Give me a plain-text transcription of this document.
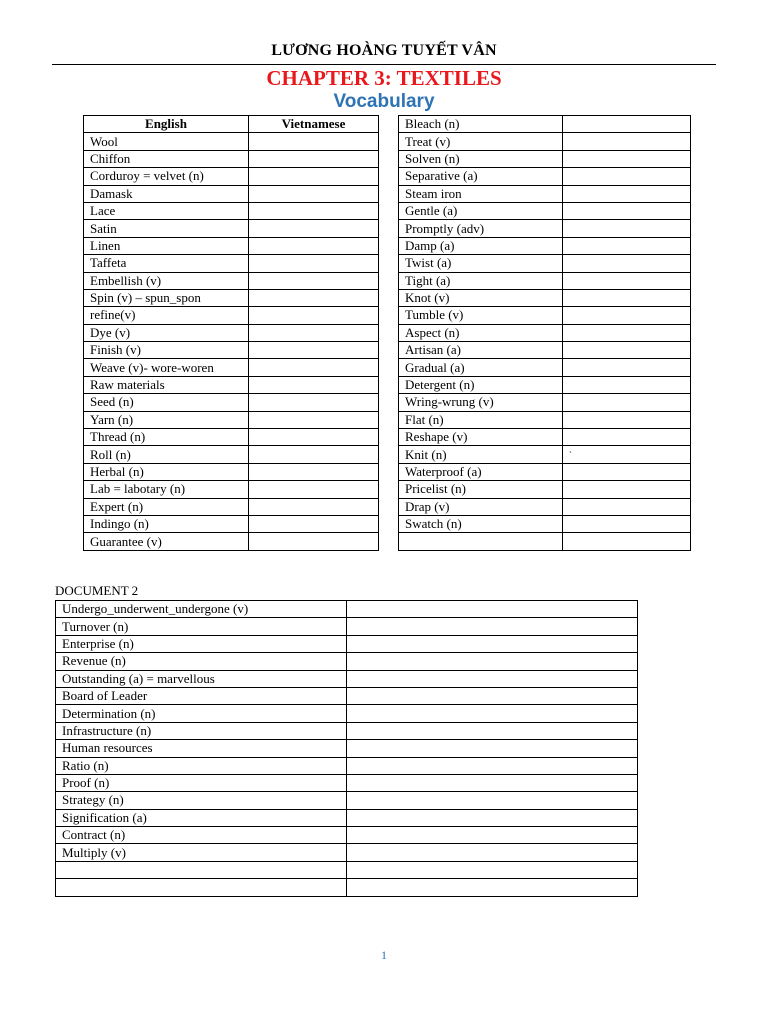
LƯƠNG HOÀNG TUYẾT VÂN
CHAPTER 3: TEXTILES
Vocabulary
English	Vietnamese
Wool	
Chiffon	
Corduroy = velvet (n)	
Damask	
Lace	
Satin	
Linen	
Taffeta	
Embellish (v)	
Spin (v) – spun_spon	
refine(v)	
Dye (v)	
Finish (v)	
Weave (v)- wore-woren	
Raw materials	
Seed (n)	
Yarn (n)	
Thread (n)	
Roll (n)	
Herbal (n)	
Lab = labotary (n)	
Expert (n)	
Indingo (n)	
Guarantee (v)	
Bleach (n)	
Treat (v)	
Solven (n)	
Separative (a)	
Steam iron	
Gentle (a)	
Promptly (adv)	
Damp (a)	
Twist (a)	
Tight (a)	
Knot (v)	
Tumble (v)	
Aspect (n)	
Artisan (a)	
Gradual (a)	
Detergent (n)	
Wring-wrung (v)	
Flat (n)	
Reshape (v)	
Knit (n)	`
Waterproof (a)	
Pricelist (n)	
Drap (v)	
Swatch (n)	

DOCUMENT 2
Undergo_underwent_undergone (v)	
Turnover (n)	
Enterprise (n)	
Revenue (n)	
Outstanding (a) = marvellous	
Board of Leader	
Determination (n)	
Infrastructure (n)	
Human resources	
Ratio (n)	
Proof (n)	
Strategy (n)	
Signification (a)	
Contract (n)	
Multiply (v)	

1
